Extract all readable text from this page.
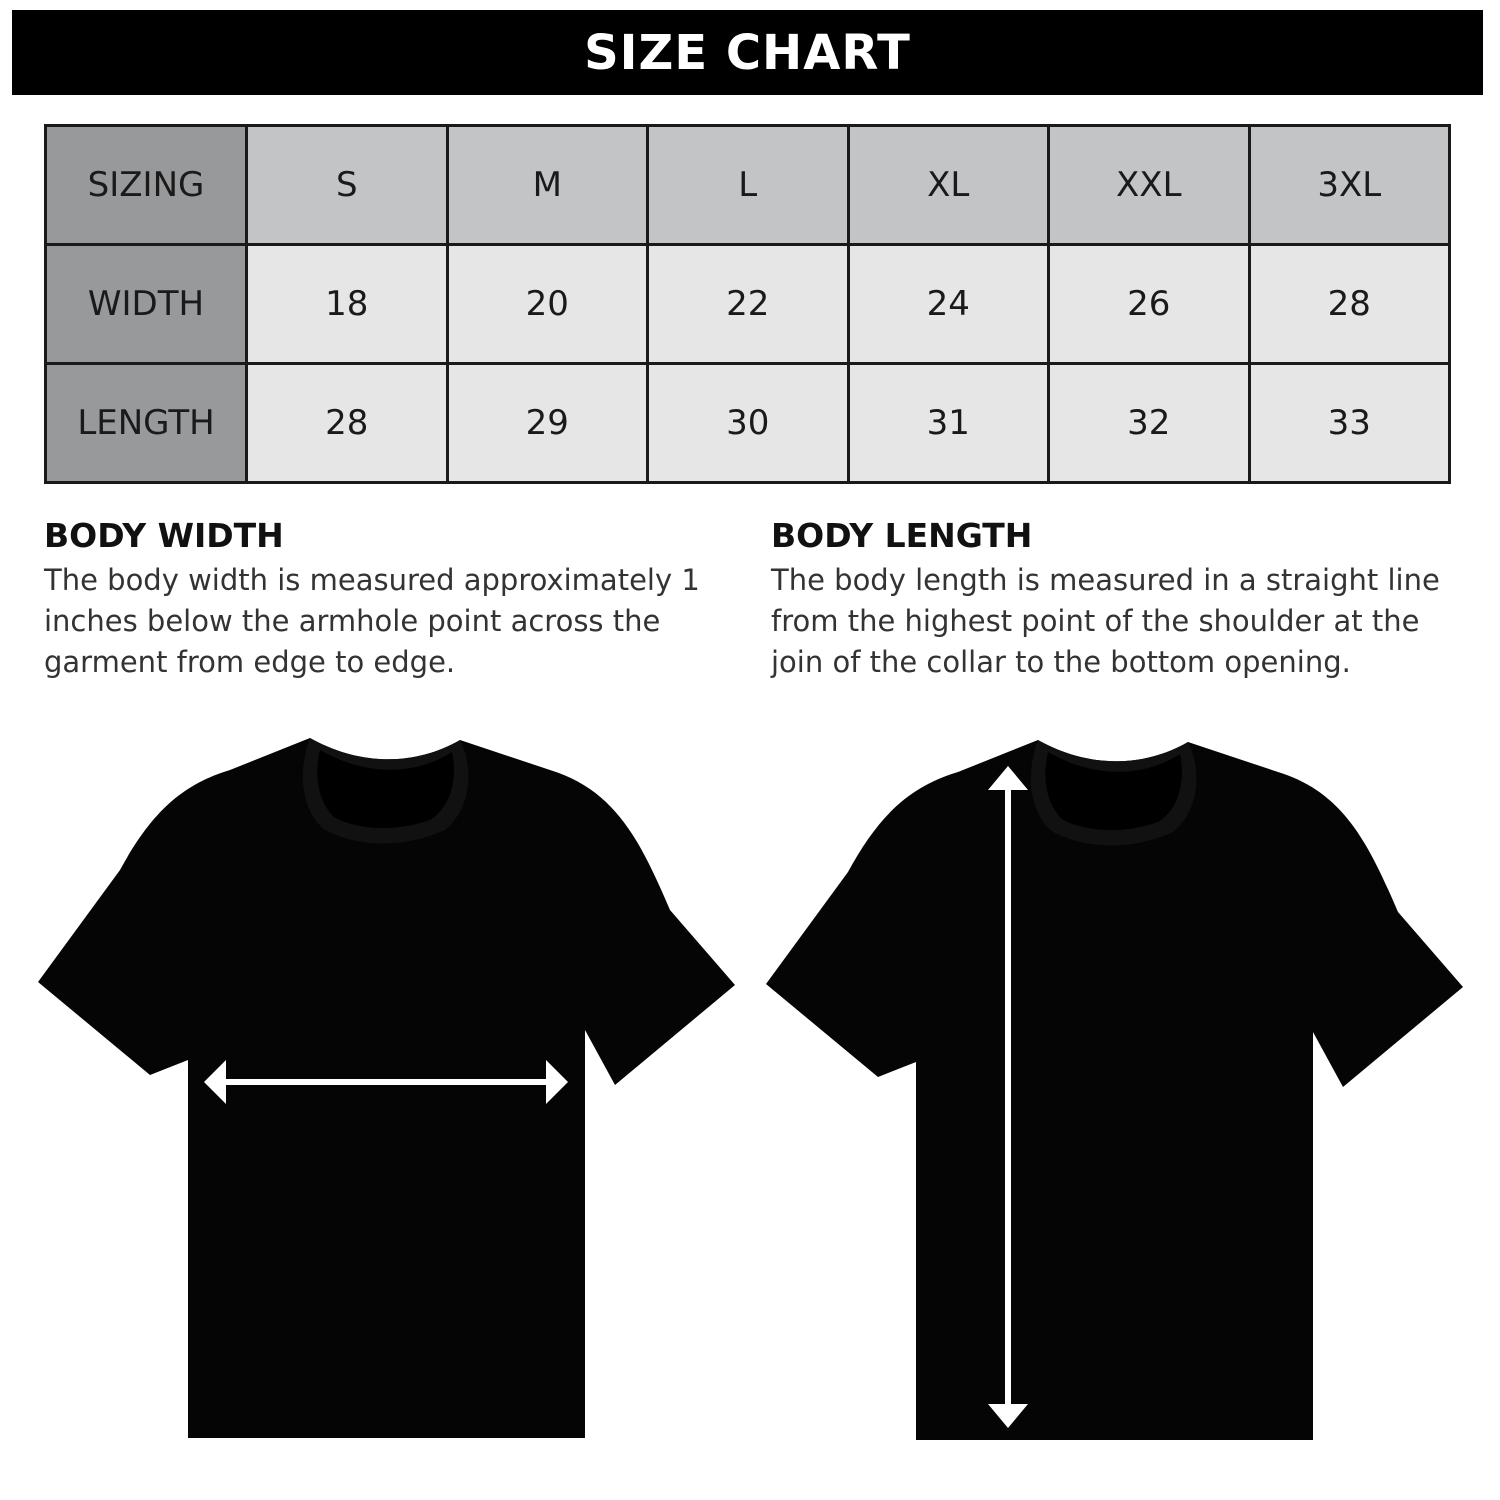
SIZE CHART
SIZING	S	M	L	XL	XXL	3XL
WIDTH	18	20	22	24	26	28
LENGTH	28	29	30	31	32	33
BODY WIDTH

The body width is measured approximately 1 inches below the armhole point across the garment from edge to edge.

BODY LENGTH

The body length is measured in a straight line from the highest point of the shoulder at the join of the collar to the bottom opening.
